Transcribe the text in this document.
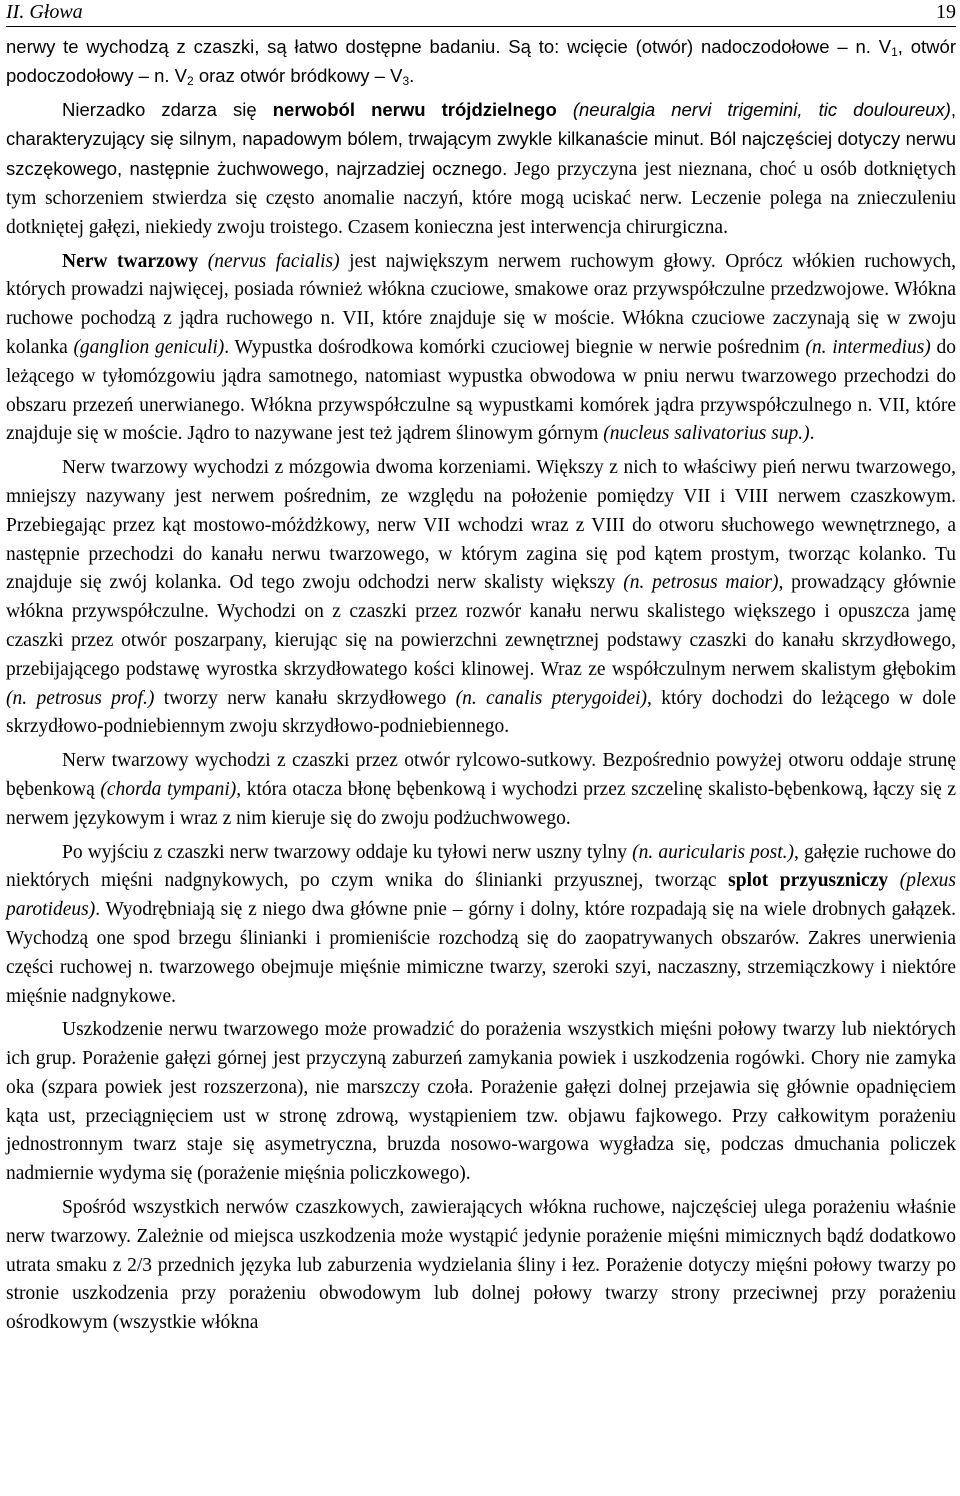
II. Głowa	19

nerwy te wychodzą z czaszki, są łatwo dostępne badaniu. Są to: wcięcie (otwór) nadoczodołowe – n. $V_1$, otwór podoczodołowy – n. $V_2$ oraz otwór bródkowy – $V_3$.

Nierzadko zdarza się nerwoból nerwu trójdzielnego (neuralgia nervi trigemini, tic douloureux), charakteryzujący się silnym, napadowym bólem, trwającym zwykle kilkanaście minut. Ból najczęściej dotyczy nerwu szczękowego, następnie żuchwowego, najrzadziej ocznego. Jego przyczyna jest nieznana, choć u osób dotkniętych tym schorzeniem stwierdza się często anomalie naczyń, które mogą uciskać nerw. Leczenie polega na znieczuleniu dotkniętej gałęzi, niekiedy zwoju troistego. Czasem konieczna jest interwencja chirurgiczna.

Nerw twarzowy (nervus facialis) jest największym nerwem ruchowym głowy. Oprócz włókien ruchowych, których prowadzi najwięcej, posiada również włókna czuciowe, smakowe oraz przywspółczulne przedzwojowe. Włókna ruchowe pochodzą z jądra ruchowego n. VII, które znajduje się w moście. Włókna czuciowe zaczynają się w zwoju kolanka (ganglion geniculi). Wypustka dośrodkowa komórki czuciowej biegnie w nerwie pośrednim (n. intermedius) do leżącego w tyłomózgowiu jądra samotnego, natomiast wypustka obwodowa w pniu nerwu twarzowego przechodzi do obszaru przezeń unerwianego. Włókna przywspółczulne są wypustkami komórek jądra przywspółczulnego n. VII, które znajduje się w moście. Jądro to nazywane jest też jądrem ślinowym górnym (nucleus salivatorius sup.).

Nerw twarzowy wychodzi z mózgowia dwoma korzeniami. Większy z nich to właściwy pień nerwu twarzowego, mniejszy nazywany jest nerwem pośrednim, ze względu na położenie pomiędzy VII i VIII nerwem czaszkowym. Przebiegając przez kąt mostowo-móżdżkowy, nerw VII wchodzi wraz z VIII do otworu słuchowego wewnętrznego, a następnie przechodzi do kanału nerwu twarzowego, w którym zagina się pod kątem prostym, tworząc kolanko. Tu znajduje się zwój kolanka. Od tego zwoju odchodzi nerw skalisty większy (n. petrosus maior), prowadzący głównie włókna przywspółczulne. Wychodzi on z czaszki przez rozwór kanału nerwu skalistego większego i opuszcza jamę czaszki przez otwór poszarpany, kierując się na powierzchni zewnętrznej podstawy czaszki do kanału skrzydłowego, przebijającego podstawę wyrostka skrzydłowatego kości klinowej. Wraz ze współczulnym nerwem skalistym głębokim (n. petrosus prof.) tworzy nerw kanału skrzydłowego (n. canalis pterygoidei), który dochodzi do leżącego w dole skrzydłowo-podniebiennym zwoju skrzydłowo-podniebiennego.

Nerw twarzowy wychodzi z czaszki przez otwór rylcowo-sutkowy. Bezpośrednio powyżej otworu oddaje strunę bębenkową (chorda tympani), która otacza błonę bębenkową i wychodzi przez szczelinę skalisto-bębenkową, łączy się z nerwem językowym i wraz z nim kieruje się do zwoju podżuchwowego.

Po wyjściu z czaszki nerw twarzowy oddaje ku tyłowi nerw uszny tylny (n. auricularis post.), gałęzie ruchowe do niektórych mięśni nadgnykowych, po czym wnika do ślinianki przyusznej, tworząc splot przyuszniczy (plexus parotideus). Wyodrębniają się z niego dwa główne pnie – górny i dolny, które rozpadają się na wiele drobnych gałązek. Wychodzą one spod brzegu ślinianki i promieniście rozchodzą się do zaopatrywanych obszarów. Zakres unerwienia części ruchowej n. twarzowego obejmuje mięśnie mimiczne twarzy, szeroki szyi, naczaszny, strzemiączkowy i niektóre mięśnie nadgnykowe.

Uszkodzenie nerwu twarzowego może prowadzić do porażenia wszystkich mięśni połowy twarzy lub niektórych ich grup. Porażenie gałęzi górnej jest przyczyną zaburzeń zamykania powiek i uszkodzenia rogówki. Chory nie zamyka oka (szpara powiek jest rozszerzona), nie marszczy czoła. Porażenie gałęzi dolnej przejawia się głównie opadnięciem kąta ust, przeciągnięciem ust w stronę zdrową, wystąpieniem tzw. objawu fajkowego. Przy całkowitym porażeniu jednostronnym twarz staje się asymetryczna, bruzda nosowo-wargowa wygładza się, podczas dmuchania policzek nadmiernie wydyma się (porażenie mięśnia policzkowego).

Spośród wszystkich nerwów czaszkowych, zawierających włókna ruchowe, najczęściej ulega porażeniu właśnie nerw twarzowy. Zależnie od miejsca uszkodzenia może wystąpić jedynie porażenie mięśni mimicznych bądź dodatkowo utrata smaku z 2/3 przednich języka lub zaburzenia wydzielania śliny i łez. Porażenie dotyczy mięśni połowy twarzy po stronie uszkodzenia przy porażeniu obwodowym lub dolnej połowy twarzy strony przeciwnej przy porażeniu ośrodkowym (wszystkie włókna
